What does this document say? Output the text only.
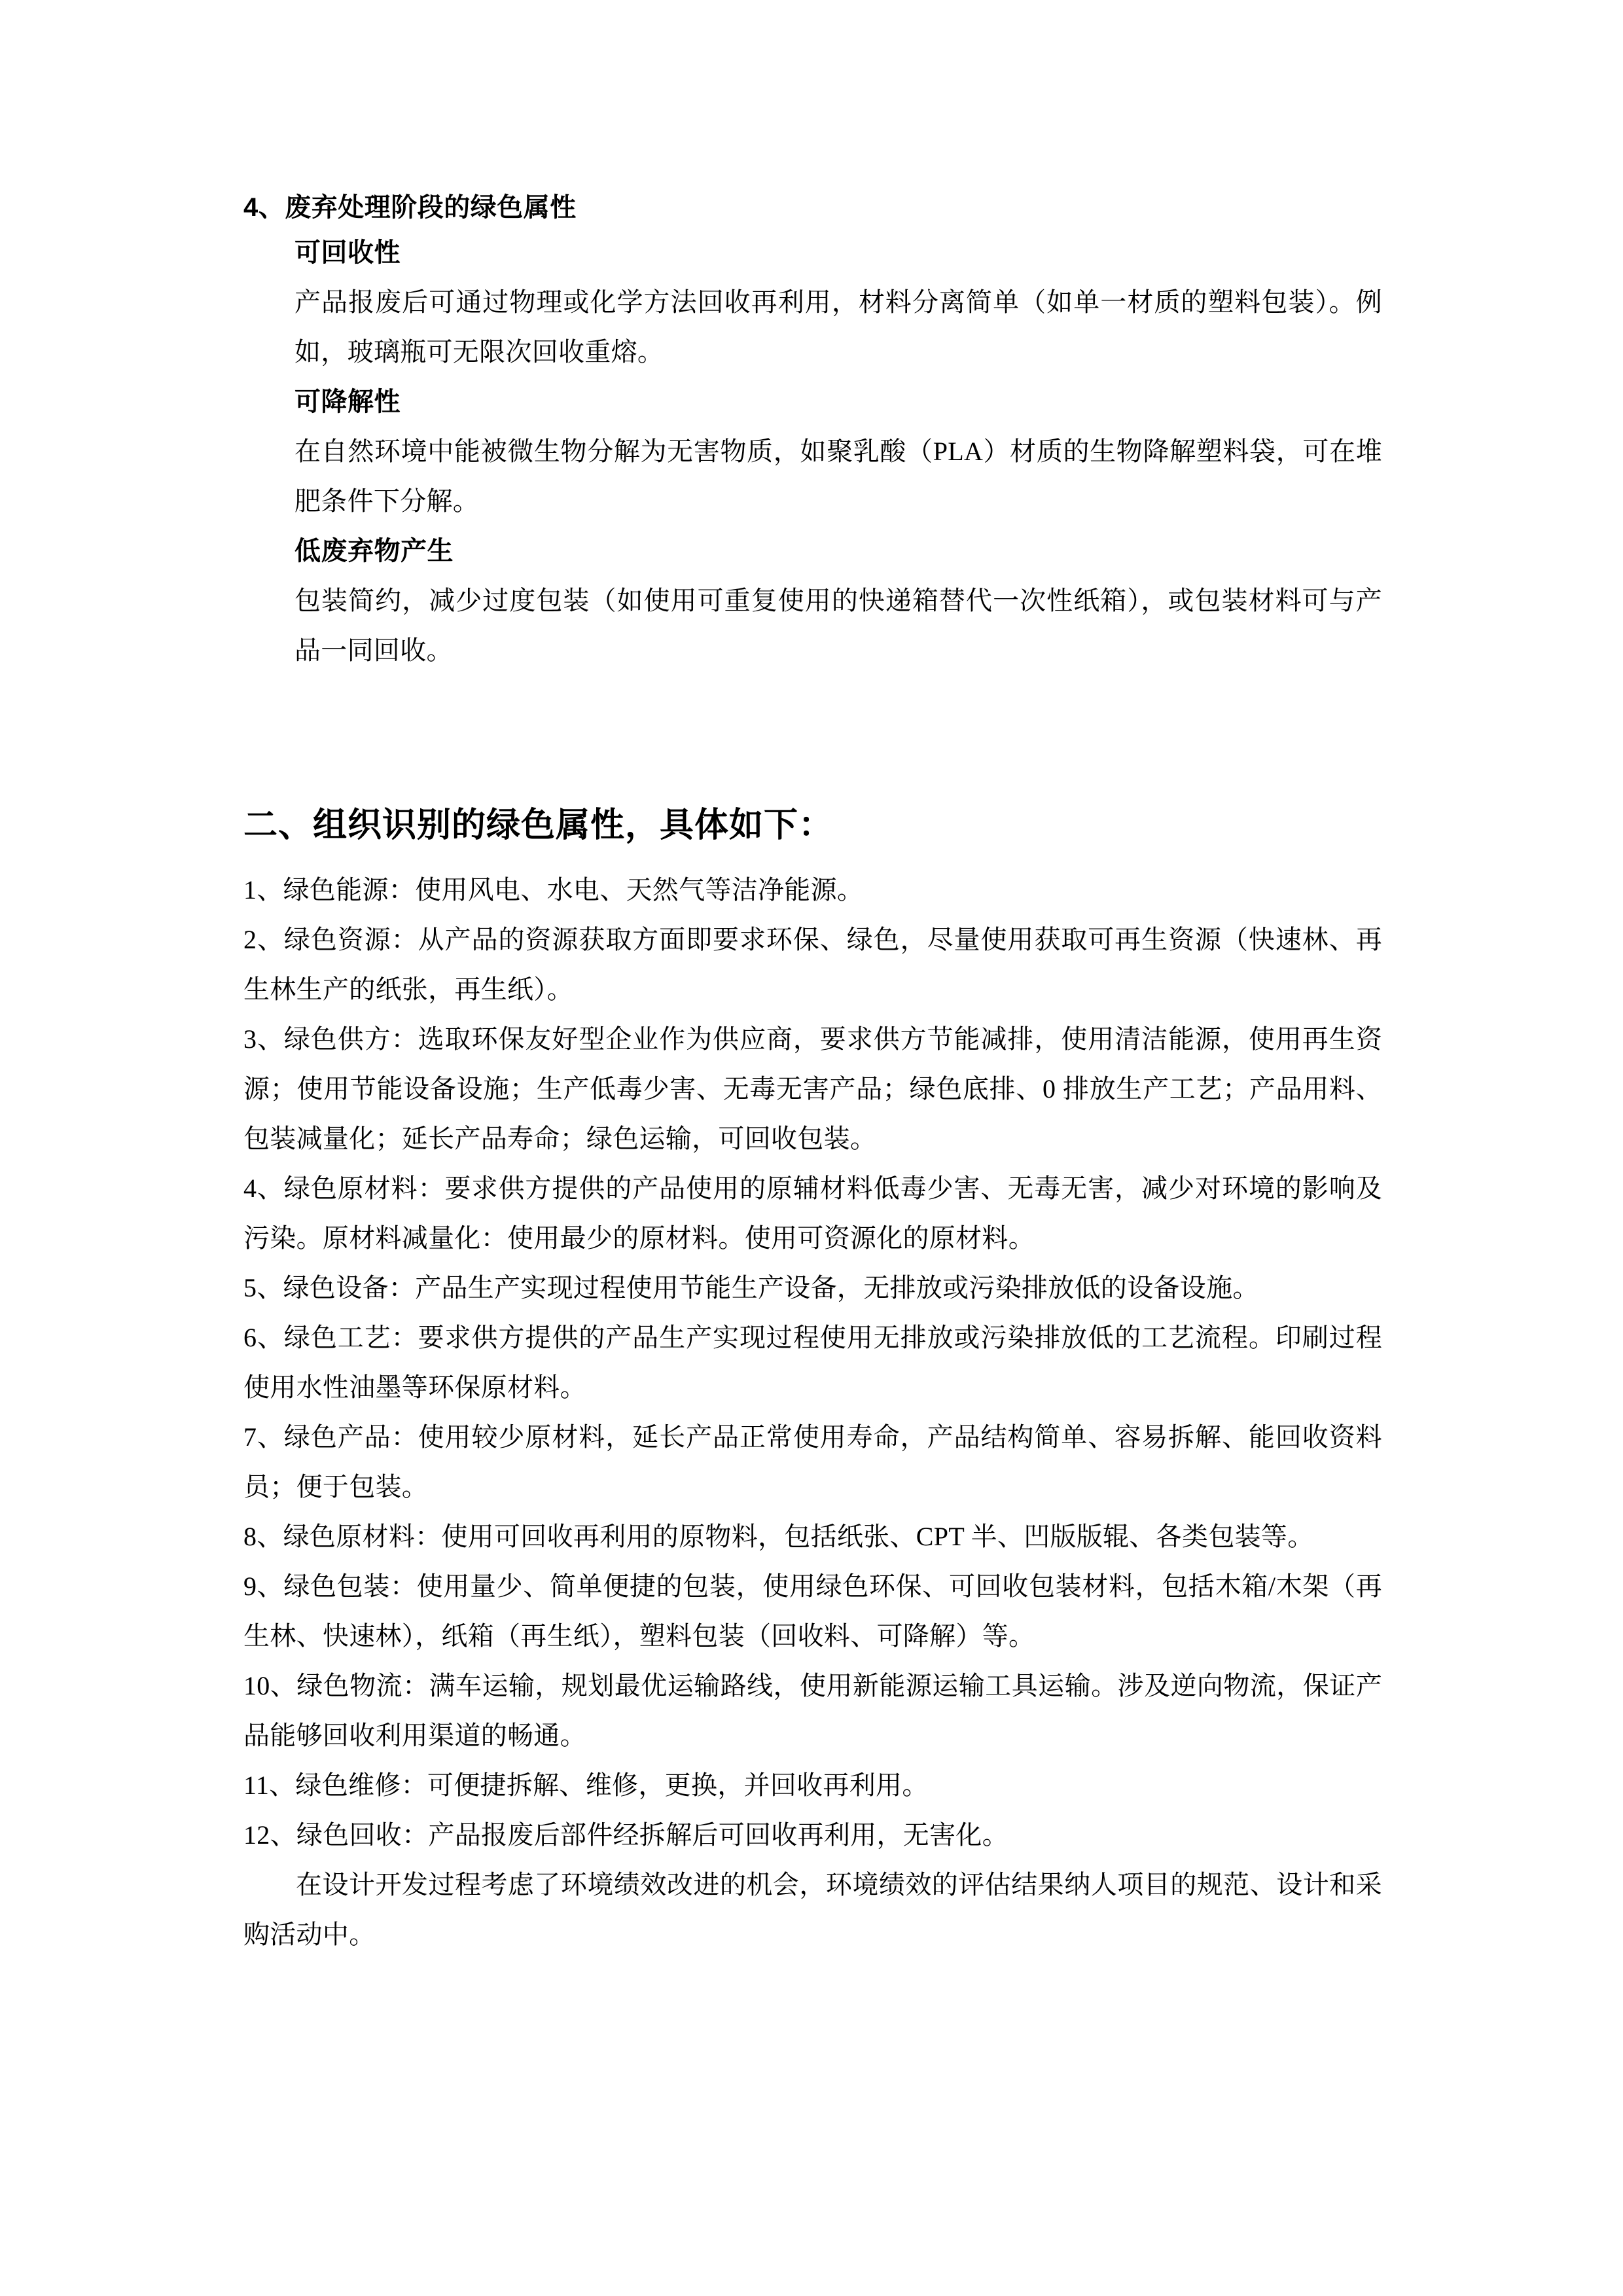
4、废弃处理阶段的绿色属性
可回收性

产品报废后可通过物理或化学方法回收再利用，材料分离简单（如单一材质的塑料包装）。例如，玻璃瓶可无限次回收重熔。

可降解性

在自然环境中能被微生物分解为无害物质，如聚乳酸（PLA）材质的生物降解塑料袋，可在堆肥条件下分解。

低废弃物产生

包装简约，减少过度包装（如使用可重复使用的快递箱替代一次性纸箱），或包装材料可与产品一同回收。

二、组织识别的绿色属性，具体如下：
1、绿色能源：使用风电、水电、天然气等洁净能源。
2、绿色资源：从产品的资源获取方面即要求环保、绿色，尽量使用获取可再生资源（快速林、再生林生产的纸张，再生纸）。
3、绿色供方：选取环保友好型企业作为供应商，要求供方节能减排，使用清洁能源，使用再生资源；使用节能设备设施；生产低毒少害、无毒无害产品；绿色底排、0 排放生产工艺；产品用料、包装减量化；延长产品寿命；绿色运输，可回收包装。
4、绿色原材料：要求供方提供的产品使用的原辅材料低毒少害、无毒无害，减少对环境的影响及污染。原材料减量化：使用最少的原材料。使用可资源化的原材料。
5、绿色设备：产品生产实现过程使用节能生产设备，无排放或污染排放低的设备设施。
6、绿色工艺：要求供方提供的产品生产实现过程使用无排放或污染排放低的工艺流程。印刷过程使用水性油墨等环保原材料。
7、绿色产品：使用较少原材料，延长产品正常使用寿命，产品结构简单、容易拆解、能回收资料员；便于包装。
8、绿色原材料：使用可回收再利用的原物料，包括纸张、CPT 半、凹版版辊、各类包装等。
9、绿色包装：使用量少、简单便捷的包装，使用绿色环保、可回收包装材料，包括木箱/木架（再生林、快速林），纸箱（再生纸），塑料包装（回收料、可降解）等。
10、绿色物流：满车运输，规划最优运输路线，使用新能源运输工具运输。涉及逆向物流，保证产品能够回收利用渠道的畅通。
11、绿色维修：可便捷拆解、维修，更换，并回收再利用。
12、绿色回收：产品报废后部件经拆解后可回收再利用，无害化。

在设计开发过程考虑了环境绩效改进的机会，环境绩效的评估结果纳人项目的规范、设计和采购活动中。
